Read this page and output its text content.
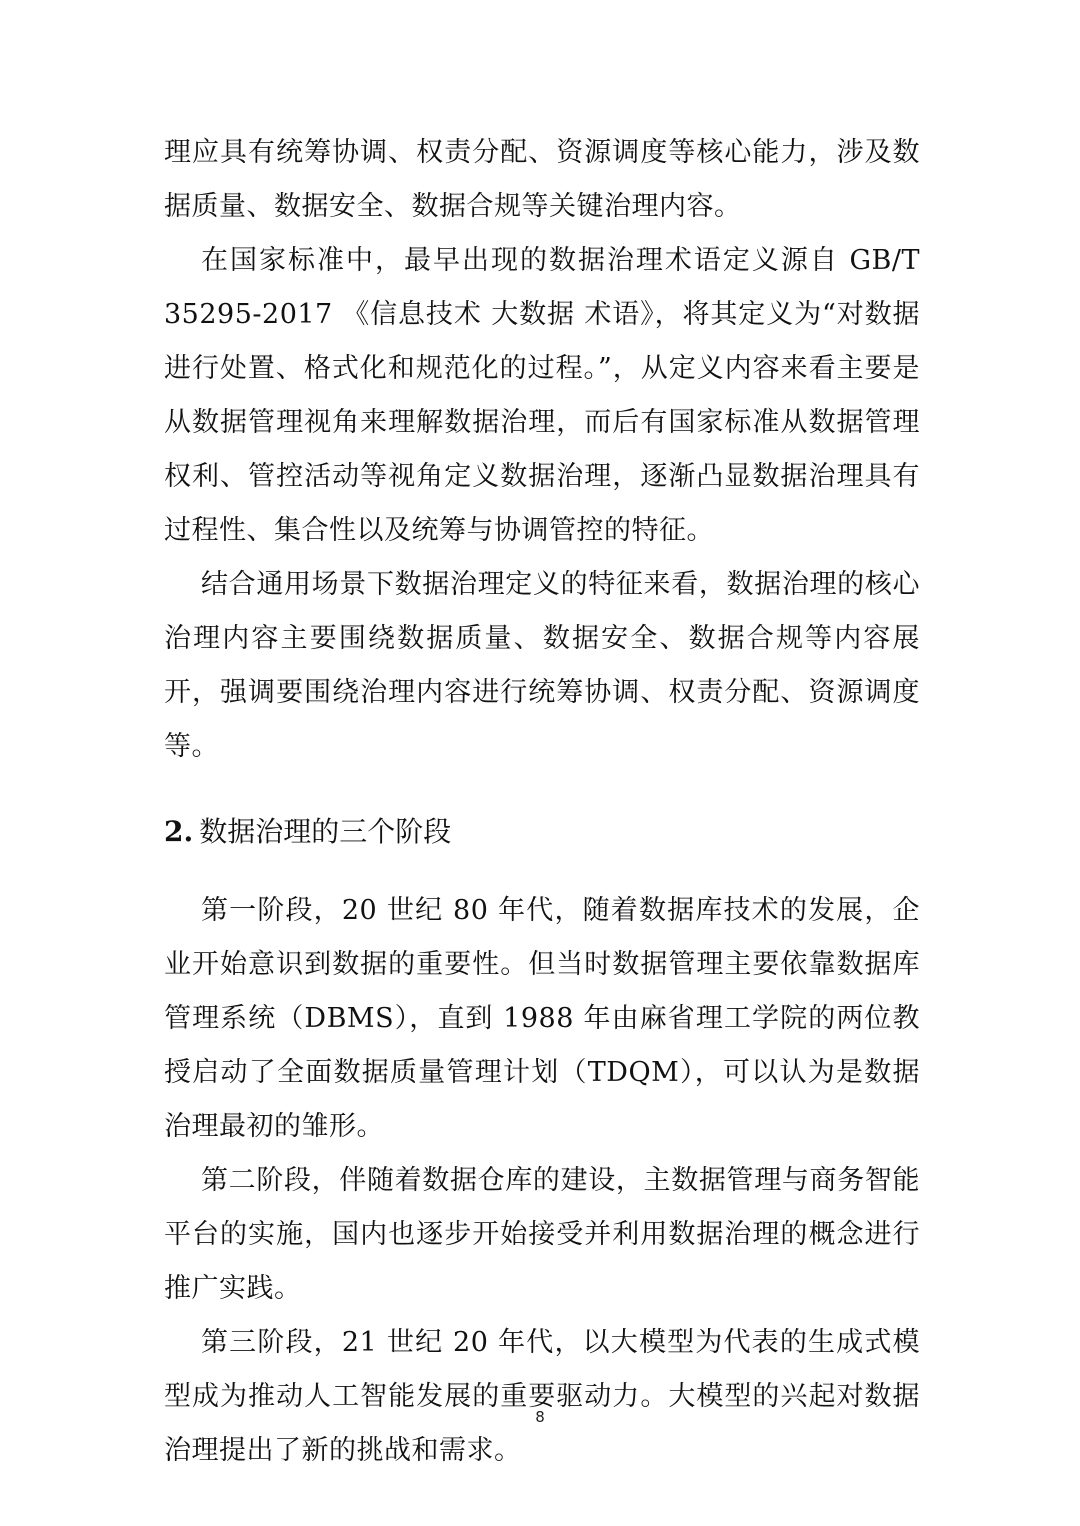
理应具有统筹协调、权责分配、资源调度等核心能力，涉及数据质量、数据安全、数据合规等关键治理内容。

在国家标准中，最早出现的数据治理术语定义源自 GB/T 35295-2017 《信息技术 大数据 术语》，将其定义为“对数据进行处置、格式化和规范化的过程。”，从定义内容来看主要是从数据管理视角来理解数据治理，而后有国家标准从数据管理权利、管控活动等视角定义数据治理，逐渐凸显数据治理具有过程性、集合性以及统筹与协调管控的特征。

结合通用场景下数据治理定义的特征来看，数据治理的核心治理内容主要围绕数据质量、数据安全、数据合规等内容展开，强调要围绕治理内容进行统筹协调、权责分配、资源调度等。

2. 数据治理的三个阶段

第一阶段，20 世纪 80 年代，随着数据库技术的发展，企业开始意识到数据的重要性。但当时数据管理主要依靠数据库管理系统（DBMS），直到 1988 年由麻省理工学院的两位教授启动了全面数据质量管理计划（TDQM），可以认为是数据治理最初的雏形。

第二阶段，伴随着数据仓库的建设，主数据管理与商务智能平台的实施，国内也逐步开始接受并利用数据治理的概念进行推广实践。

第三阶段，21 世纪 20 年代，以大模型为代表的生成式模型成为推动人工智能发展的重要驱动力。大模型的兴起对数据治理提出了新的挑战和需求。

8
